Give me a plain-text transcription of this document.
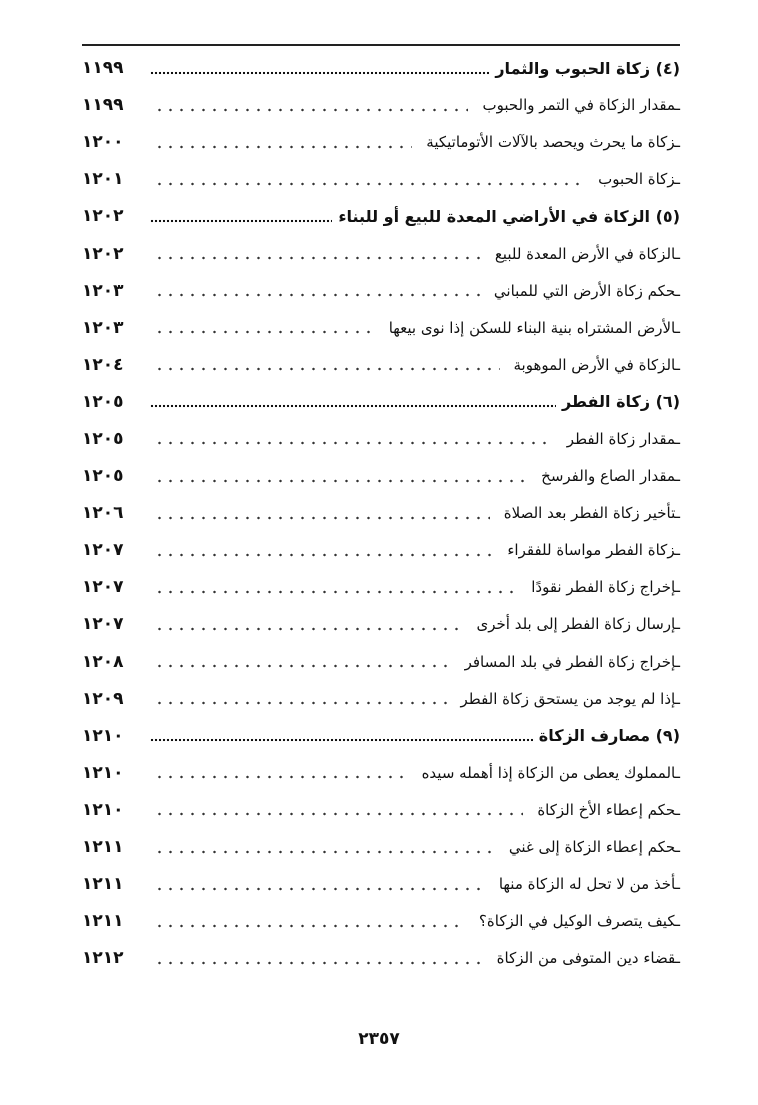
(٤) زكاة الحبوب والثمار
١١٩٩
ـمقدار الزكاة في التمر والحبوب
١١٩٩
ـزكاة ما يحرث ويحصد بالآلات الأتوماتيكية
١٢٠٠
ـزكاة الحبوب
١٢٠١
(٥) الزكاة في الأراضي المعدة للبيع أو للبناء
١٢٠٢
ـالزكاة في الأرض المعدة للبيع
١٢٠٢
ـحكم زكاة الأرض التي للمباني
١٢٠٣
ـالأرض المشتراه بنية البناء للسكن إذا نوى بيعها
١٢٠٣
ـالزكاة في الأرض الموهوبة
١٢٠٤
(٦) زكاة الفطر
١٢٠٥
ـمقدار زكاة الفطر
١٢٠٥
ـمقدار الصاع والفرسخ
١٢٠٥
ـتأخير زكاة الفطر بعد الصلاة
١٢٠٦
ـزكاة الفطر مواساة للفقراء
١٢٠٧
ـإخراج زكاة الفطر نقودًا
١٢٠٧
ـإرسال زكاة الفطر إلى بلد أخرى
١٢٠٧
ـإخراج زكاة الفطر في بلد المسافر
١٢٠٨
ـإذا لم يوجد من يستحق زكاة الفطر
١٢٠٩
(٩) مصارف الزكاة
١٢١٠
ـالمملوك يعطى من الزكاة إذا أهمله سيده
١٢١٠
ـحكم إعطاء الأخ الزكاة
١٢١٠
ـحكم إعطاء الزكاة إلى غني
١٢١١
ـأخذ من لا تحل له الزكاة منها
١٢١١
ـكيف يتصرف الوكيل في الزكاة؟
١٢١١
ـقضاء دين المتوفى من الزكاة
١٢١٢
٢٣٥٧
